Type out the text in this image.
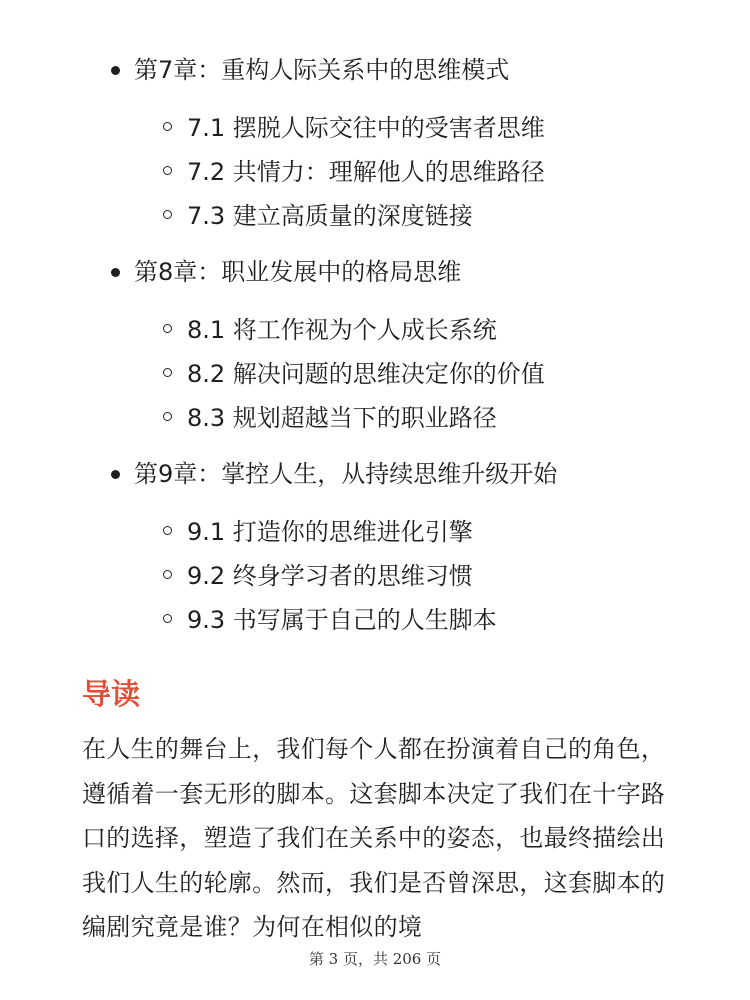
第7章：重构人际关系中的思维模式
7.1 摆脱人际交往中的受害者思维
7.2 共情力：理解他人的思维路径
7.3 建立高质量的深度链接
第8章：职业发展中的格局思维
8.1 将工作视为个人成长系统
8.2 解决问题的思维决定你的价值
8.3 规划超越当下的职业路径
第9章：掌控人生，从持续思维升级开始
9.1 打造你的思维进化引擎
9.2 终身学习者的思维习惯
9.3 书写属于自己的人生脚本
导读
在人生的舞台上，我们每个人都在扮演着自己的角色，遵循着一套无形的脚本。这套脚本决定了我们在十字路口的选择，塑造了我们在关系中的姿态，也最终描绘出我们人生的轮廓。然而，我们是否曾深思，这套脚本的编剧究竟是谁？为何在相似的境
第 3 页，共 206 页
